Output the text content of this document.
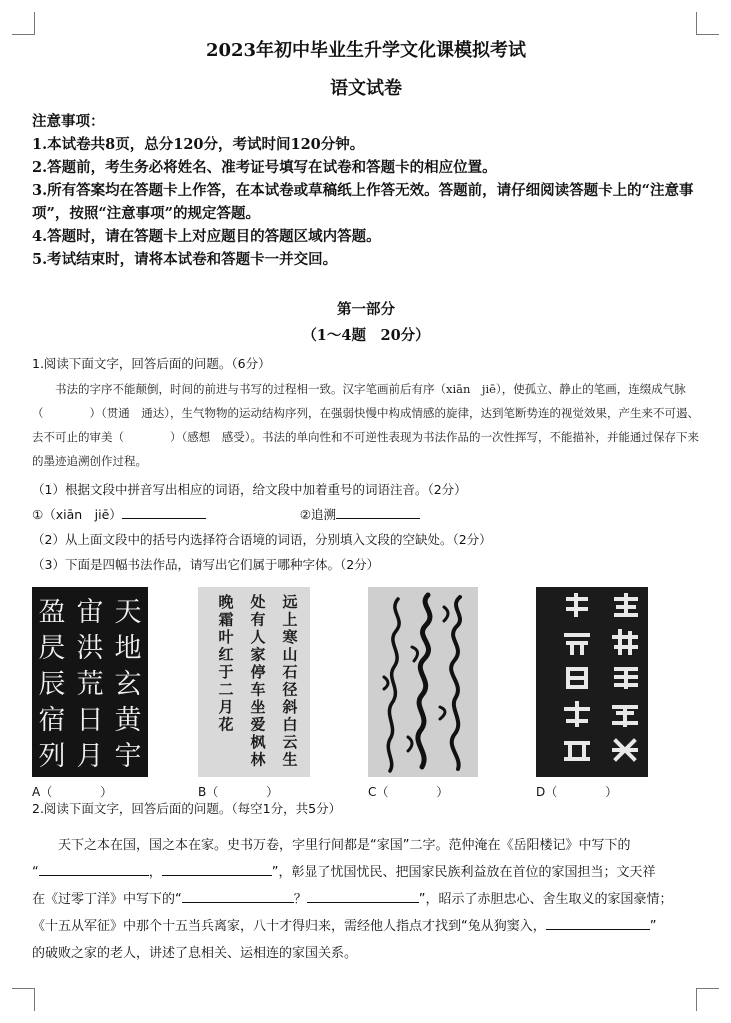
2023年初中毕业生升学文化课模拟考试
语文试卷

注意事项：

1.本试卷共8页，总分120分，考试时间120分钟。

2.答题前，考生务必将姓名、准考证号填写在试卷和答题卡的相应位置。

3.所有答案均在答题卡上作答，在本试卷或草稿纸上作答无效。答题前，请仔细阅读答题卡上的“注意事项”，按照“注意事项”的规定答题。

4.答题时，请在答题卡上对应题目的答题区域内答题。

5.考试结束时，请将本试卷和答题卡一并交回。

第一部分
（1～4题　20分）

1.阅读下面文字，回答后面的问题。（6分）

书法的字序不能颠倒，时间的前进与书写的过程相一致。汉字笔画前后有序（xiān　jiē），使孤立、静止的笔画，连缀成气脉（　　　　）（贯通　通达），生气物物的运动结构序列，在强弱快慢中构成情感的旋律，达到笔断势连的视觉效果，产生来不可遏、去不可止的审美（　　　　）（感想　感受）。书法的单向性和不可逆性表现为书法作品的一次性挥写，不能描补，并能通过保存下来的墨迹追溯创作过程。

（1）根据文段中拼音写出相应的词语，给文段中加着重号的词语注音。（2分）

①（xiān　jiē）	②追溯

（2）从上面文段中的括号内选择符合语境的词语，分别填入文段的空缺处。（2分）

（3）下面是四幅书法作品，请写出它们属于哪种字体。（2分）

天
地
玄
黄
宇
宙
洪
荒
日
月
盈
昃
辰
宿
列
远
上
寒
山
石
径
斜
白
云
生
处
有
人
家
停
车
坐
爱
枫
林
晚
霜
叶
红
于
二
月
花
A（　　　　）	B（　　　　）	C（　　　　）	D（　　　　）

2.阅读下面文字，回答后面的问题。（每空1分，共5分）

天下之本在国，国之本在家。史书万卷，字里行间都是“家国”二字。范仲淹在《岳阳楼记》中写下的

“	，	”，彰显了忧国忧民、把国家民族利益放在首位的家国担当；文天祥

在《过零丁洋》中写下的“	？	”，昭示了赤胆忠心、舍生取义的家国豪情；

《十五从军征》中那个十五当兵离家，八十才得归来，需经他人指点才找到“兔从狗窦入，	”

的破败之家的老人，讲述了息相关、运相连的家国关系。
